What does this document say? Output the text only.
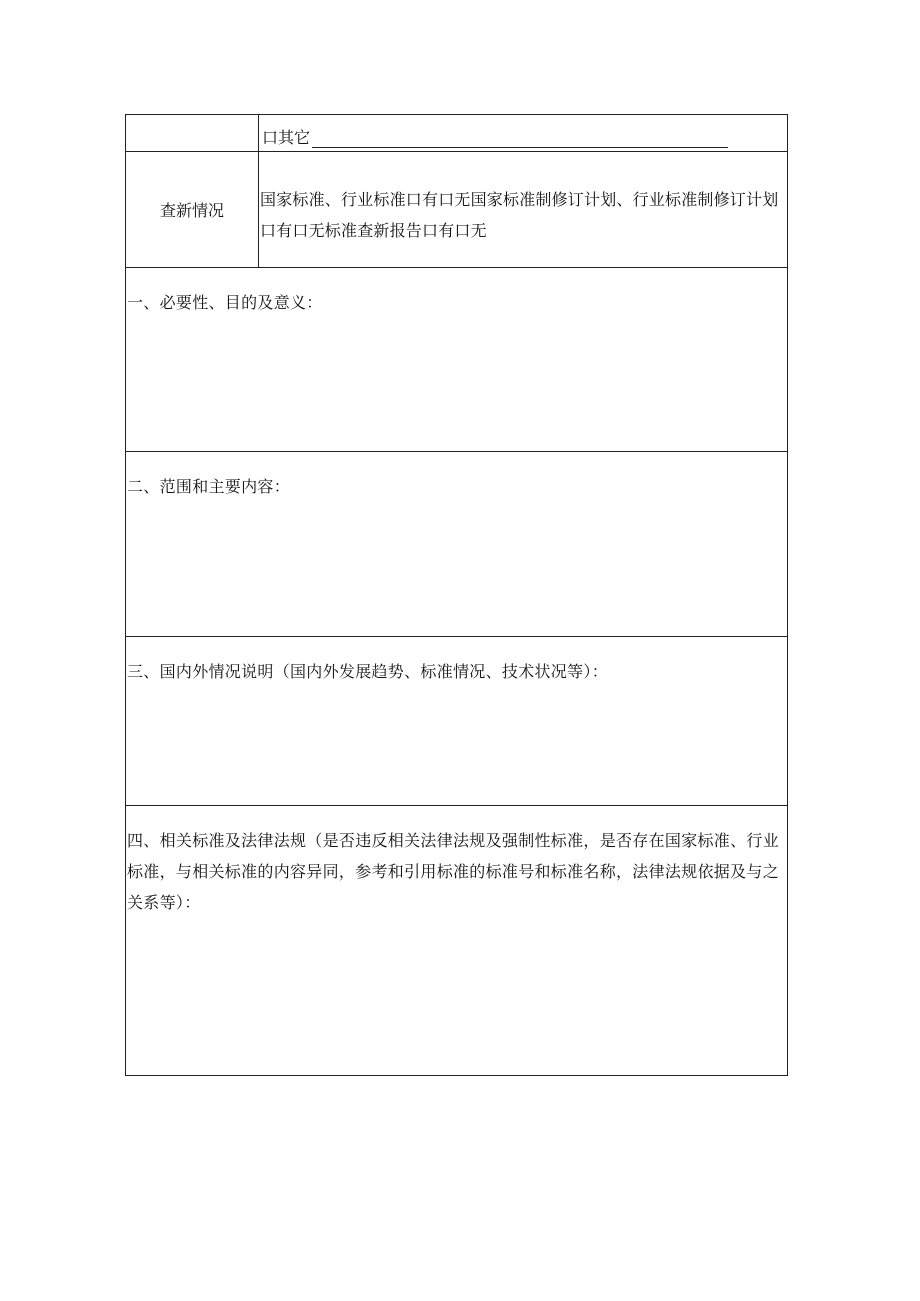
口其它
查新情况
国家标准、行业标准口有口无国家标准制修订计划、行业标准制修订计划口有口无标准查新报告口有口无
一、必要性、目的及意义：
二、范围和主要内容：
三、国内外情况说明（国内外发展趋势、标准情况、技术状况等）：
四、相关标准及法律法规（是否违反相关法律法规及强制性标准，是否存在国家标准、行业标准，与相关标准的内容异同，参考和引用标准的标准号和标准名称，法律法规依据及与之关系等）：
